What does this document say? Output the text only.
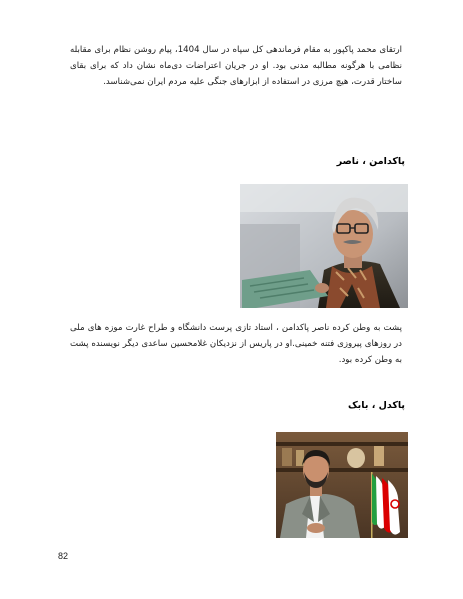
ارتقای محمد پاکپور به مقام فرماندهی کل سپاه در سال 1404، پیام روشن نظام برای مقابله نظامی با هرگونه مطالبه مدنی بود. او در جریان اعتراضات دی‌ماه نشان داد که برای بقای ساختار قدرت، هیچ مرزی در استفاده از ابزارهای جنگی علیه مردم ایران نمی‌شناسد.
پاکدامن ، ناصر
پشت به وطن کرده ناصر پاکدامن ، استاد تازی پرست دانشگاه و طراح غارت موزه های ملی در روزهای پیروزی فتنه خمینی.او در پاریس از نزدیکان غلامحسین ساعدی دیگر نویسنده پشت به وطن کرده بود.
پاکدل ، بابک
82
